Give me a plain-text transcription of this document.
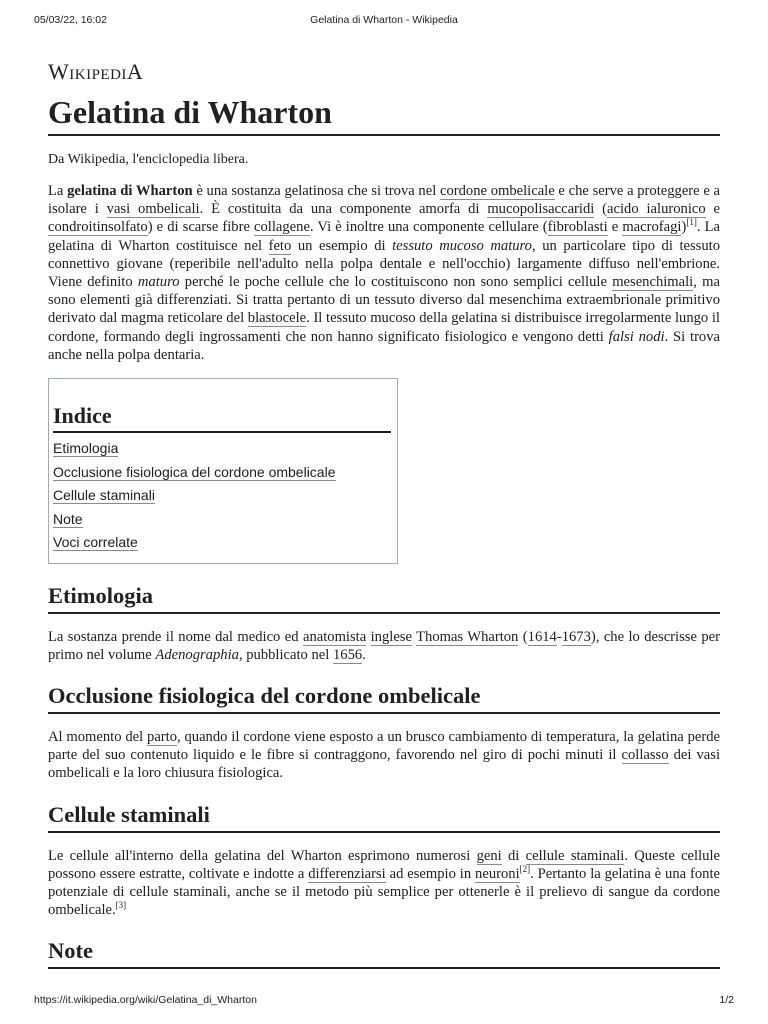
05/03/22, 16:02	Gelatina di Wharton - Wikipedia
WikipediA
Gelatina di Wharton
Da Wikipedia, l'enciclopedia libera.

La gelatina di Wharton è una sostanza gelatinosa che si trova nel cordone ombelicale e che serve a proteggere e a isolare i vasi ombelicali. È costituita da una componente amorfa di mucopolisaccaridi (acido ialuronico e condroitinsolfato) e di scarse fibre collagene. Vi è inoltre una componente cellulare (fibroblasti e macrofagi)[1]. La gelatina di Wharton costituisce nel feto un esempio di tessuto mucoso maturo, un particolare tipo di tessuto connettivo giovane (reperibile nell'adulto nella polpa dentale e nell'occhio) largamente diffuso nell'embrione. Viene definito maturo perché le poche cellule che lo costituiscono non sono semplici cellule mesenchimali, ma sono elementi già differenziati. Si tratta pertanto di un tessuto diverso dal mesenchima extraembrionale primitivo derivato dal magma reticolare del blastocele. Il tessuto mucoso della gelatina si distribuisce irregolarmente lungo il cordone, formando degli ingrossamenti che non hanno significato fisiologico e vengono detti falsi nodi. Si trova anche nella polpa dentaria.

Indice
Etimologia
Occlusione fisiologica del cordone ombelicale
Cellule staminali
Note
Voci correlate
Etimologia

La sostanza prende il nome dal medico ed anatomista inglese Thomas Wharton (1614-1673), che lo descrisse per primo nel volume Adenographia, pubblicato nel 1656.

Occlusione fisiologica del cordone ombelicale

Al momento del parto, quando il cordone viene esposto a un brusco cambiamento di temperatura, la gelatina perde parte del suo contenuto liquido e le fibre si contraggono, favorendo nel giro di pochi minuti il collasso dei vasi ombelicali e la loro chiusura fisiologica.

Cellule staminali

Le cellule all'interno della gelatina del Wharton esprimono numerosi geni di cellule staminali. Queste cellule possono essere estratte, coltivate e indotte a differenziarsi ad esempio in neuroni[2]. Pertanto la gelatina è una fonte potenziale di cellule staminali, anche se il metodo più semplice per ottenerle è il prelievo di sangue da cordone ombelicale.[3]

Note
https://it.wikipedia.org/wiki/Gelatina_di_Wharton	1/2
